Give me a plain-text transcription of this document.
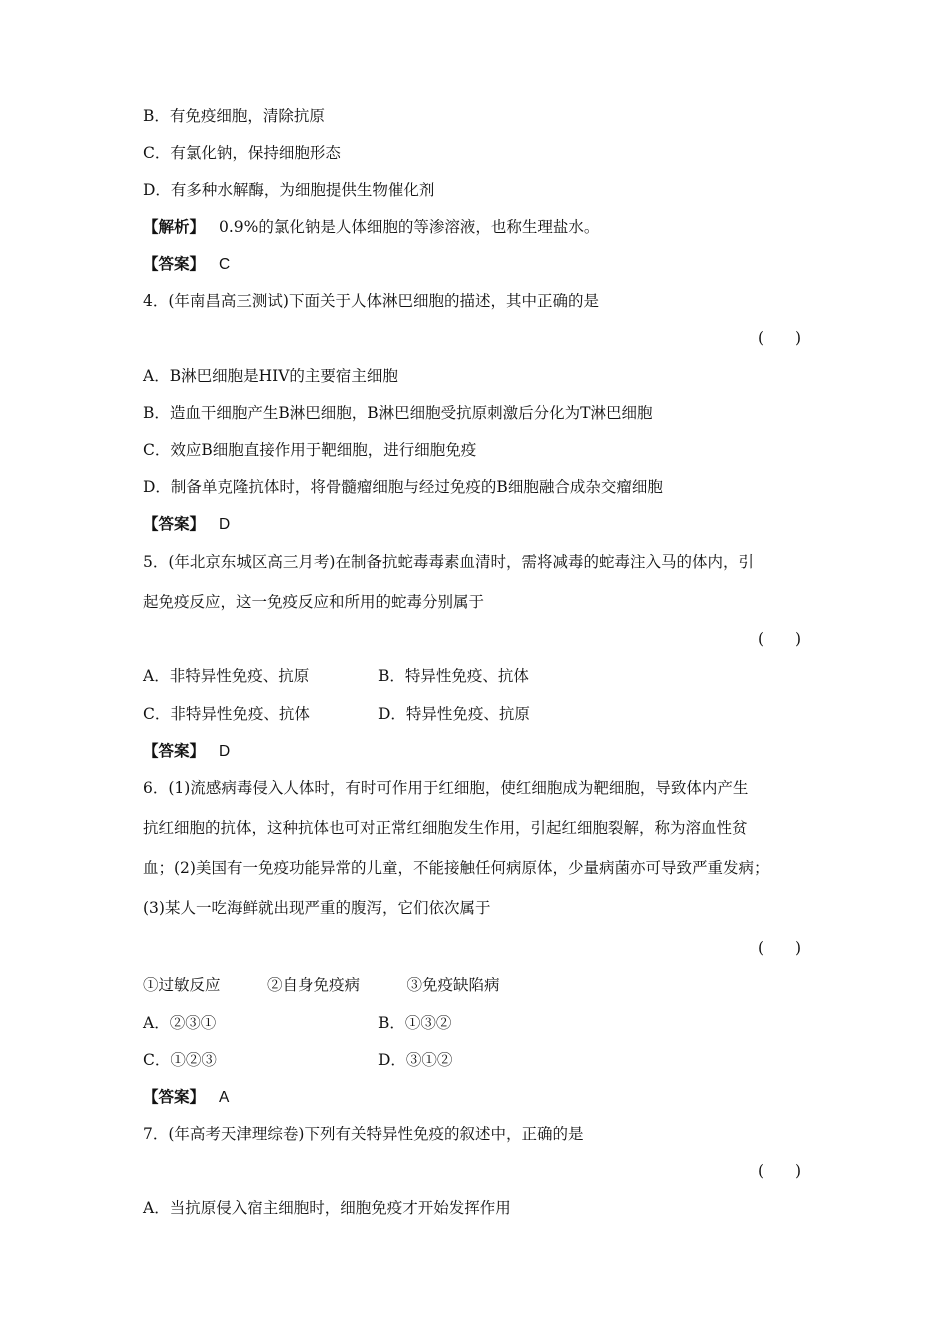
B．有免疫细胞，清除抗原
C．有氯化钠，保持细胞形态
D．有多种水解酶，为细胞提供生物催化剂
【解析】 0.9%的氯化钠是人体细胞的等渗溶液，也称生理盐水。
【答案】 C
4．(年南昌高三测试)下面关于人体淋巴细胞的描述，其中正确的是
(　　)
A．B淋巴细胞是HIV的主要宿主细胞
B．造血干细胞产生B淋巴细胞，B淋巴细胞受抗原刺激后分化为T淋巴细胞
C．效应B细胞直接作用于靶细胞，进行细胞免疫
D．制备单克隆抗体时，将骨髓瘤细胞与经过免疫的B细胞融合成杂交瘤细胞
【答案】 D
5．(年北京东城区高三月考)在制备抗蛇毒毒素血清时，需将减毒的蛇毒注入马的体内，引
起免疫反应，这一免疫反应和所用的蛇毒分别属于
(　　)
A．非特异性免疫、抗原	B．特异性免疫、抗体
C．非特异性免疫、抗体	D．特异性免疫、抗原
【答案】 D
6．(1)流感病毒侵入人体时，有时可作用于红细胞，使红细胞成为靶细胞，导致体内产生
抗红细胞的抗体，这种抗体也可对正常红细胞发生作用，引起红细胞裂解，称为溶血性贫
血；(2)美国有一免疫功能异常的儿童，不能接触任何病原体，少量病菌亦可导致严重发病；
(3)某人一吃海鲜就出现严重的腹泻，它们依次属于
(　　)
①过敏反应　　　②自身免疫病　　　③免疫缺陷病
A．②③①	B．①③②
C．①②③	D．③①②
【答案】 A
7．(年高考天津理综卷)下列有关特异性免疫的叙述中，正确的是
(　　)
A．当抗原侵入宿主细胞时，细胞免疫才开始发挥作用
